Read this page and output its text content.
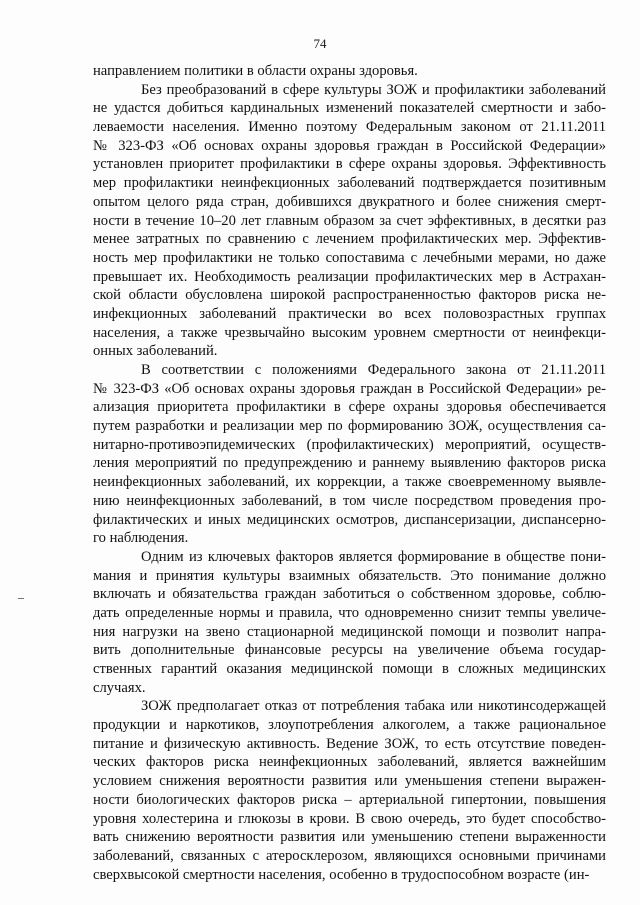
74
направлением политики в области охраны здоровья.
Без преобразований в сфере культуры ЗОЖ и профилактики заболеваний
не удастся добиться кардинальных изменений показателей смертности и забо-
леваемости населения. Именно поэтому Федеральным законом от 21.11.2011
№ 323-ФЗ «Об основах охраны здоровья граждан в Российской Федерации»
установлен приоритет профилактики в сфере охраны здоровья. Эффективность
мер профилактики неинфекционных заболеваний подтверждается позитивным
опытом целого ряда стран, добившихся двукратного и более снижения смерт-
ности в течение 10–20 лет главным образом за счет эффективных, в десятки раз
менее затратных по сравнению с лечением профилактических мер. Эффектив-
ность мер профилактики не только сопоставима с лечебными мерами, но даже
превышает их. Необходимость реализации профилактических мер в Астрахан-
ской области обусловлена широкой распространенностью факторов риска не-
инфекционных заболеваний практически во всех половозрастных группах
населения, а также чрезвычайно высоким уровнем смертности от неинфекци-
онных заболеваний.
В соответствии с положениями Федерального закона от 21.11.2011
№ 323-ФЗ «Об основах охраны здоровья граждан в Российской Федерации» ре-
ализация приоритета профилактики в сфере охраны здоровья обеспечивается
путем разработки и реализации мер по формированию ЗОЖ, осуществления са-
нитарно-противоэпидемических (профилактических) мероприятий, осуществ-
ления мероприятий по предупреждению и раннему выявлению факторов риска
неинфекционных заболеваний, их коррекции, а также своевременному выявле-
нию неинфекционных заболеваний, в том числе посредством проведения про-
филактических и иных медицинских осмотров, диспансеризации, диспансерно-
го наблюдения.
Одним из ключевых факторов является формирование в обществе пони-
мания и принятия культуры взаимных обязательств. Это понимание должно
включать и обязательства граждан заботиться о собственном здоровье, соблю-
дать определенные нормы и правила, что одновременно снизит темпы увеличе-
ния нагрузки на звено стационарной медицинской помощи и позволит напра-
вить дополнительные финансовые ресурсы на увеличение объема государ-
ственных гарантий оказания медицинской помощи в сложных медицинских
случаях.
ЗОЖ предполагает отказ от потребления табака или никотинсодержащей
продукции и наркотиков, злоупотребления алкоголем, а также рациональное
питание и физическую активность. Ведение ЗОЖ, то есть отсутствие поведен-
ческих факторов риска неинфекционных заболеваний, является важнейшим
условием снижения вероятности развития или уменьшения степени выражен-
ности биологических факторов риска – артериальной гипертонии, повышения
уровня холестерина и глюкозы в крови. В свою очередь, это будет способство-
вать снижению вероятности развития или уменьшению степени выраженности
заболеваний, связанных с атеросклерозом, являющихся основными причинами
сверхвысокой смертности населения, особенно в трудоспособном возрасте (ин-
